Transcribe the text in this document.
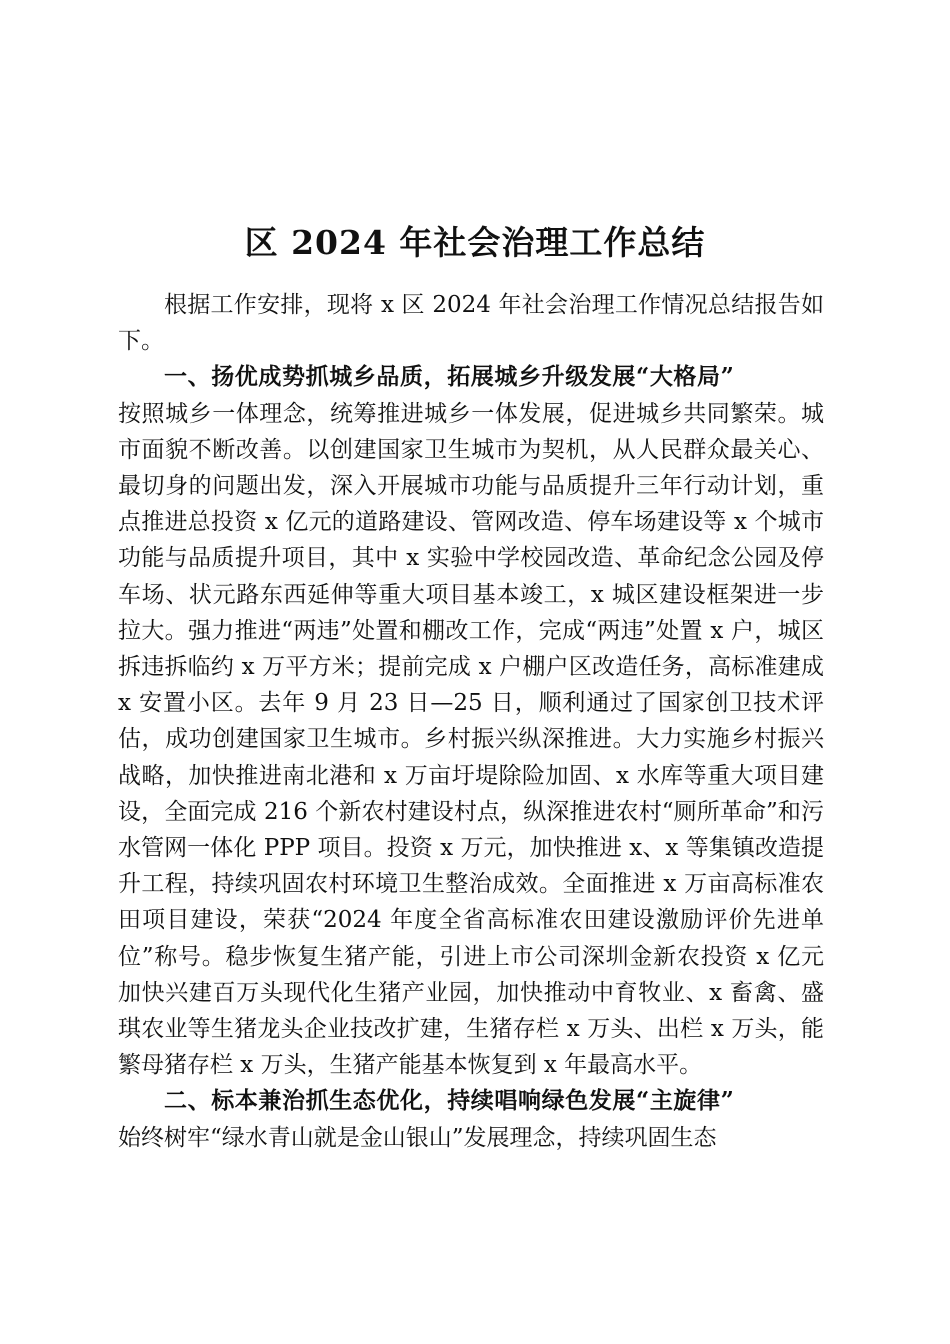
区 2024 年社会治理工作总结

根据工作安排，现将 x 区 2024 年社会治理工作情况总结报告如下。

一、扬优成势抓城乡品质，拓展城乡升级发展“大格局”

按照城乡一体理念，统筹推进城乡一体发展，促进城乡共同繁荣。城市面貌不断改善。以创建国家卫生城市为契机，从人民群众最关心、最切身的问题出发，深入开展城市功能与品质提升三年行动计划，重点推进总投资 x 亿元的道路建设、管网改造、停车场建设等 x 个城市功能与品质提升项目，其中 x 实验中学校园改造、革命纪念公园及停车场、状元路东西延伸等重大项目基本竣工，x 城区建设框架进一步拉大。强力推进“两违”处置和棚改工作，完成“两违”处置 x 户，城区拆违拆临约 x 万平方米；提前完成 x 户棚户区改造任务，高标准建成 x 安置小区。去年 9 月 23 日—25 日，顺利通过了国家创卫技术评估，成功创建国家卫生城市。乡村振兴纵深推进。大力实施乡村振兴战略，加快推进南北港和 x 万亩圩堤除险加固、x 水库等重大项目建设，全面完成 216 个新农村建设村点，纵深推进农村“厕所革命”和污水管网一体化 PPP 项目。投资 x 万元，加快推进 x、x 等集镇改造提升工程，持续巩固农村环境卫生整治成效。全面推进 x 万亩高标准农田项目建设，荣获“2024 年度全省高标准农田建设激励评价先进单位”称号。稳步恢复生猪产能，引进上市公司深圳金新农投资 x 亿元加快兴建百万头现代化生猪产业园，加快推动中育牧业、x 畜禽、盛琪农业等生猪龙头企业技改扩建，生猪存栏 x 万头、出栏 x 万头，能繁母猪存栏 x 万头，生猪产能基本恢复到 x 年最高水平。

二、标本兼治抓生态优化，持续唱响绿色发展“主旋律”

始终树牢“绿水青山就是金山银山”发展理念，持续巩固生态
